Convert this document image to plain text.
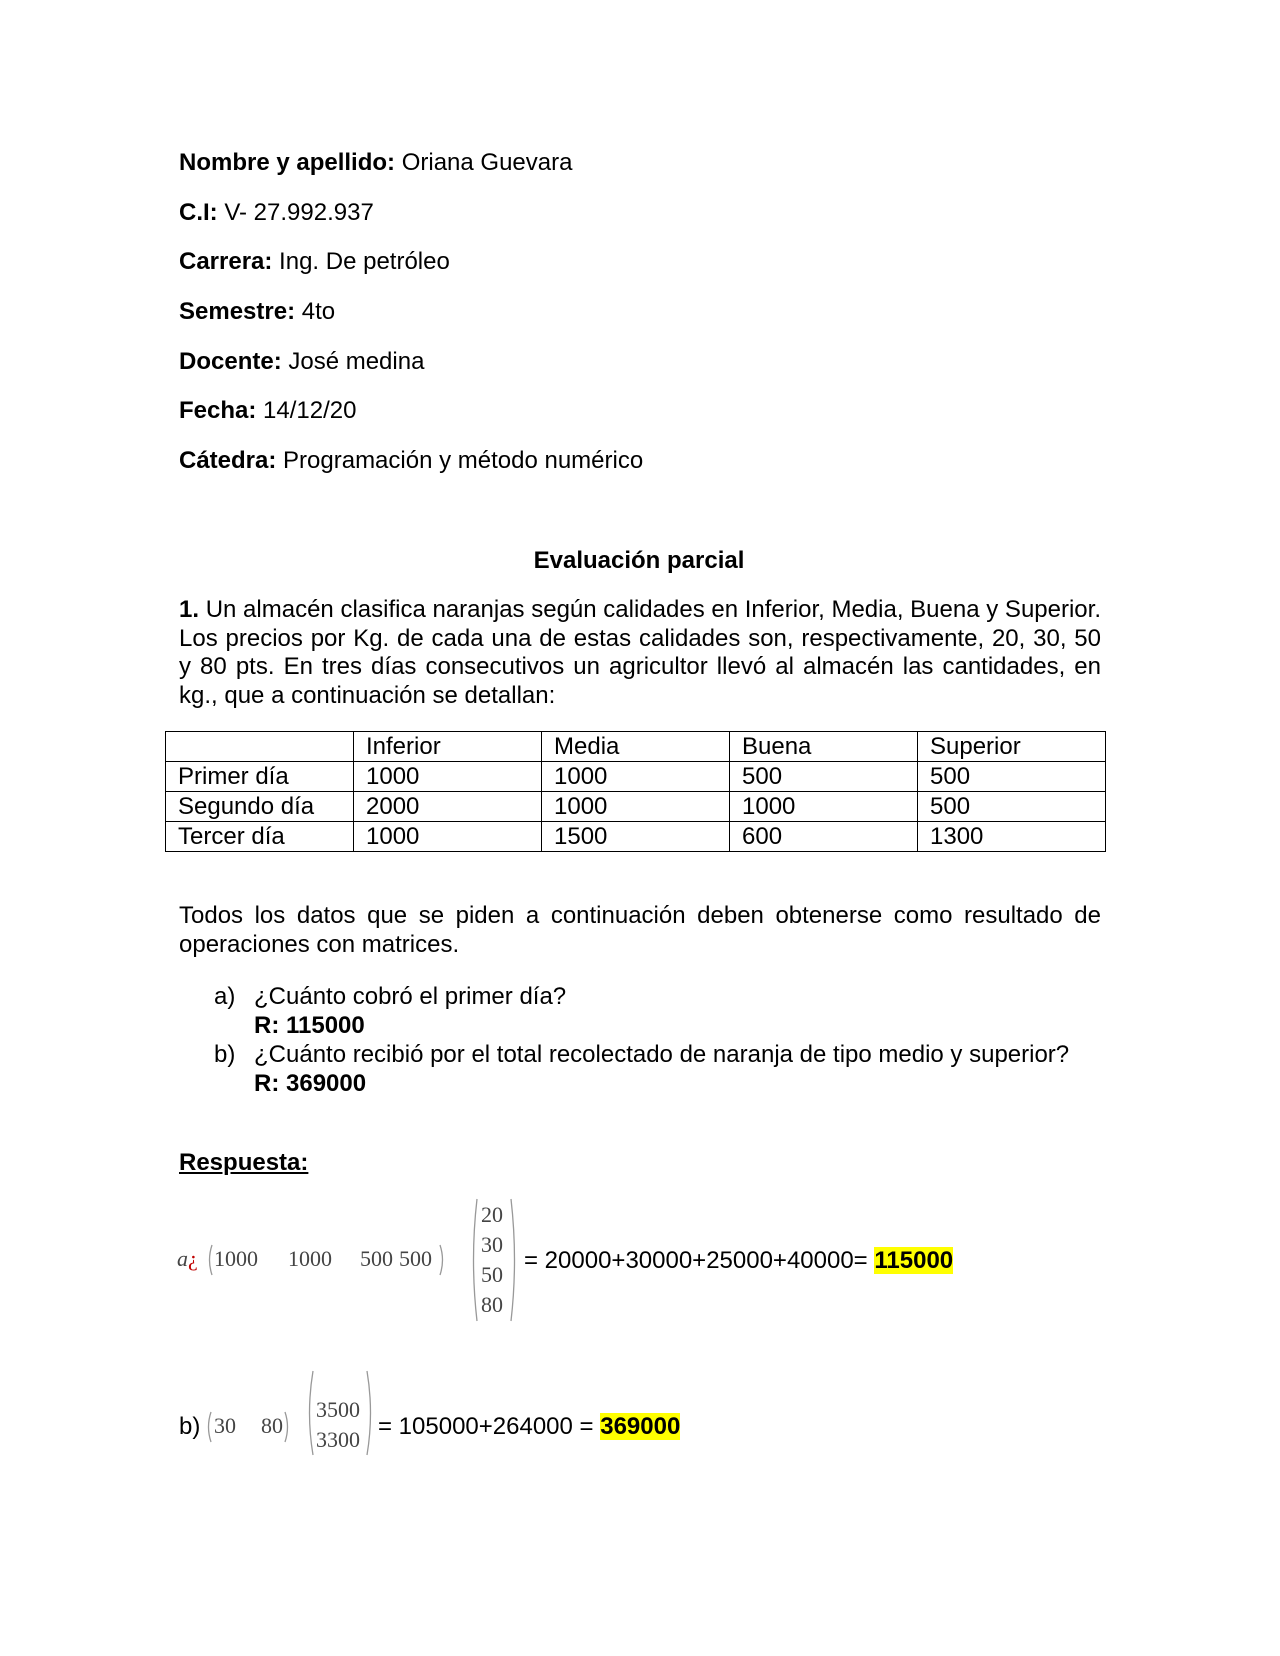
Nombre y apellido: Oriana Guevara
C.I: V- 27.992.937
Carrera: Ing. De petróleo
Semestre: 4to
Docente: José medina
Fecha: 14/12/20
Cátedra: Programación y método numérico
Evaluación parcial
1. Un almacén clasifica naranjas según calidades en Inferior, Media, Buena y Superior. Los precios por Kg. de cada una de estas calidades son, respectivamente, 20, 30, 50 y 80 pts. En tres días consecutivos un agricultor llevó al almacén las cantidades, en kg., que a continuación se detallan:
	Inferior	Media	Buena	Superior
Primer día	1000	1000	500	500
Segundo día	2000	1000	1000	500
Tercer día	1000	1500	600	1300
Todos los datos que se piden a continuación deben obtenerse como resultado de operaciones con matrices.
a) ¿Cuánto cobró el primer día?
R: 115000
b) ¿Cuánto recibió por el total recolectado de naranja de tipo medio y superior?
R: 369000
Respuesta:
a¿ 1000 1000 500 500
20
30
50
80
= 20000+30000+25000+40000= 115000
b) 30 80
3500
3300 = 105000+264000 = 369000
